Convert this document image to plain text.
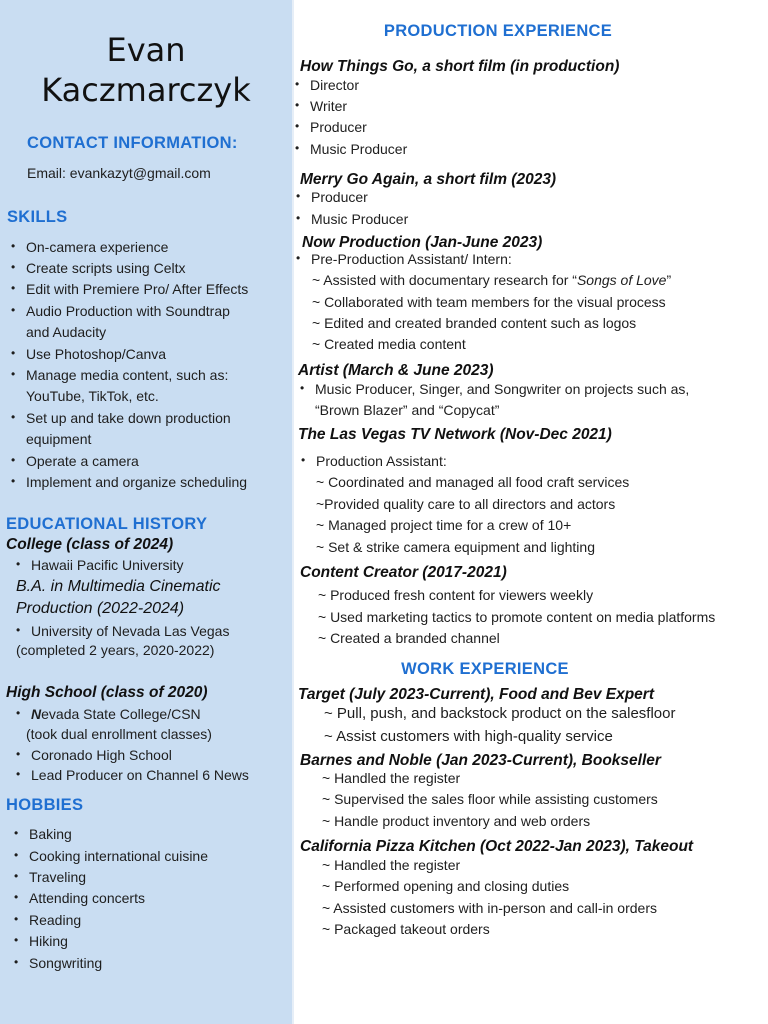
Evan
Kaczmarczyk
CONTACT INFORMATION:
Email: evankazyt@gmail.com
SKILLS
• On-camera experience
• Create scripts using Celtx
• Edit with Premiere Pro/ After Effects
• Audio Production with Soundtrap
and Audacity
• Use Photoshop/Canva
• Manage media content, such as:
YouTube, TikTok, etc.
• Set up and take down production
equipment
• Operate a camera
• Implement and organize scheduling
EDUCATIONAL HISTORY
College (class of 2024)
• Hawaii Pacific University
B.A. in Multimedia Cinematic
Production (2022-2024)
• University of Nevada Las Vegas
(completed 2 years, 2020-2022)
High School (class of 2020)
• Nevada State College/CSN
(took dual enrollment classes)
• Coronado High School
• Lead Producer on Channel 6 News
HOBBIES
• Baking
• Cooking international cuisine
• Traveling
• Attending concerts
• Reading
• Hiking
• Songwriting
PRODUCTION EXPERIENCE
How Things Go, a short film (in production)
• Director
• Writer
• Producer
• Music Producer
Merry Go Again, a short film (2023)
• Producer
• Music Producer
Now Production (Jan-June 2023)
• Pre-Production Assistant/ Intern:
~ Assisted with documentary research for “Songs of Love”
~ Collaborated with team members for the visual process
~ Edited and created branded content such as logos
~ Created media content
Artist (March & June 2023)
• Music Producer, Singer, and Songwriter on projects such as,
“Brown Blazer” and “Copycat”
The Las Vegas TV Network (Nov-Dec 2021)
• Production Assistant:
~ Coordinated and managed all food craft services
~Provided quality care to all directors and actors
~ Managed project time for a crew of 10+
~ Set & strike camera equipment and lighting
Content Creator (2017-2021)
~ Produced fresh content for viewers weekly
~ Used marketing tactics to promote content on media platforms
~ Created a branded channel
WORK EXPERIENCE
Target (July 2023-Current), Food and Bev Expert
~ Pull, push, and backstock product on the salesfloor
~ Assist customers with high-quality service
Barnes and Noble (Jan 2023-Current), Bookseller
~ Handled the register
~ Supervised the sales floor while assisting customers
~ Handle product inventory and web orders
California Pizza Kitchen (Oct 2022-Jan 2023), Takeout
~ Handled the register
~ Performed opening and closing duties
~ Assisted customers with in-person and call-in orders
~ Packaged takeout orders
